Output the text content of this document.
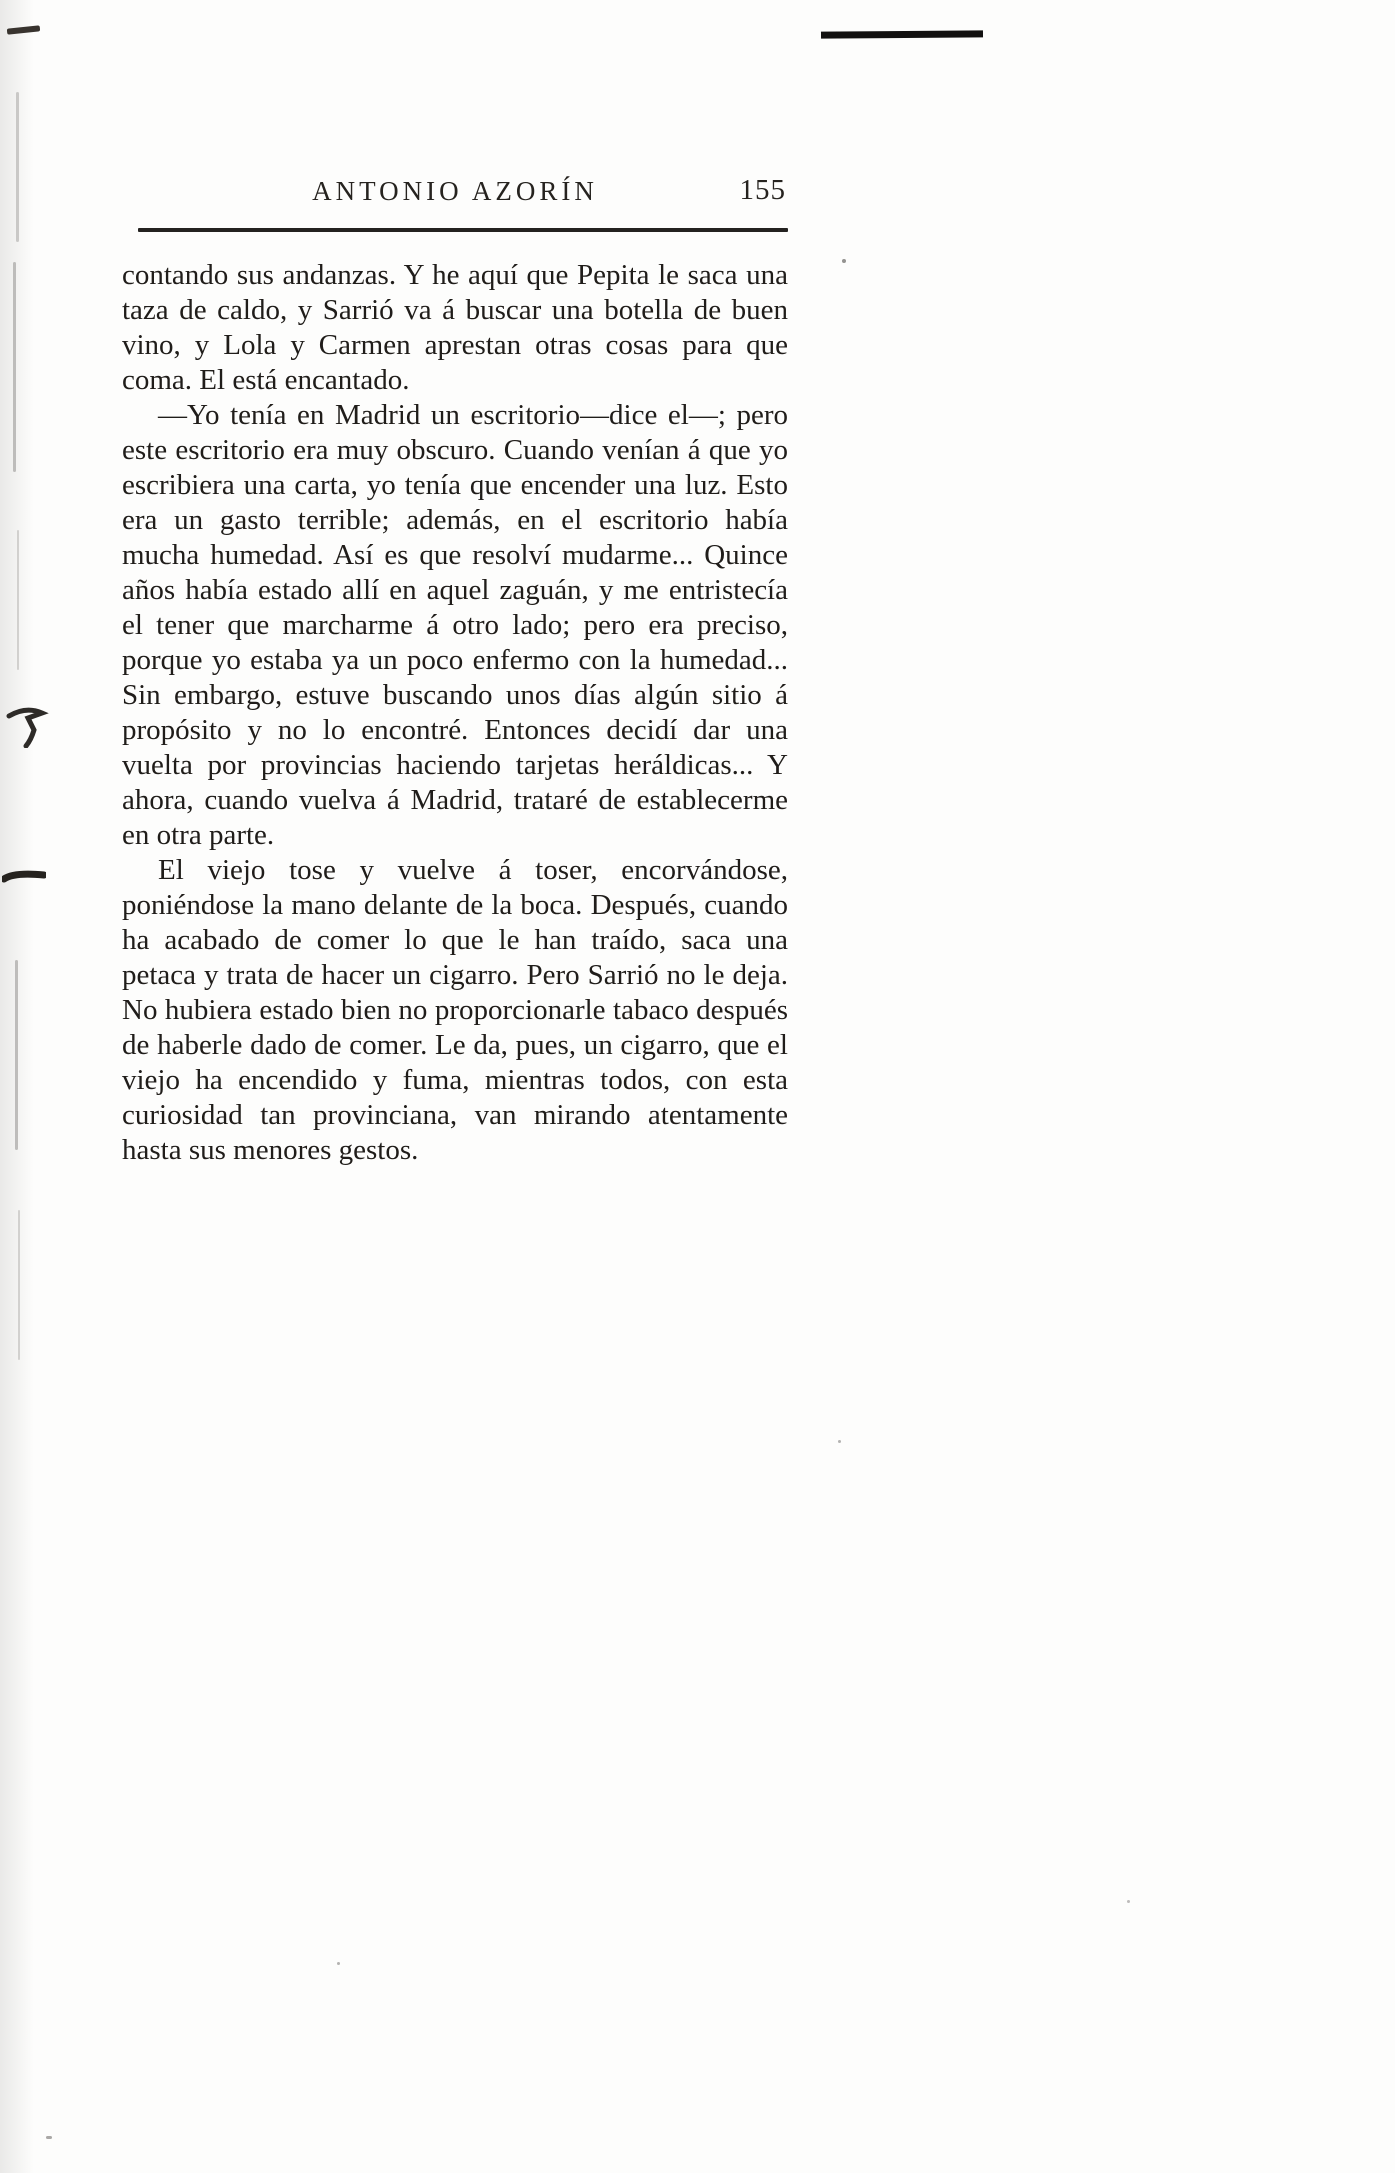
ANTONIO AZORÍN	155

contando sus andanzas. Y he aquí que Pepita le saca una taza de caldo, y Sarrió va á buscar una botella de buen vino, y Lola y Carmen aprestan otras cosas para que coma. El está encantado.

—Yo tenía en Madrid un escritorio—dice el—; pero este escritorio era muy obscuro. Cuando venían á que yo escribiera una carta, yo tenía que encender una luz. Esto era un gasto terrible; además, en el escritorio había mucha humedad. Así es que resolví mudarme... Quince años había estado allí en aquel zaguán, y me entristecía el tener que marcharme á otro lado; pero era preciso, porque yo estaba ya un poco enfermo con la humedad... Sin embargo, estuve buscando unos días algún sitio á propósito y no lo encontré. Entonces decidí dar una vuelta por provincias haciendo tarjetas heráldicas... Y ahora, cuando vuelva á Madrid, trataré de establecerme en otra parte.

El viejo tose y vuelve á toser, encorvándose, poniéndose la mano delante de la boca. Después, cuando ha acabado de comer lo que le han traído, saca una petaca y trata de hacer un cigarro. Pero Sarrió no le deja. No hubiera estado bien no proporcionarle tabaco después de haberle dado de comer. Le da, pues, un cigarro, que el viejo ha encendido y fuma, mientras todos, con esta curiosidad tan provinciana, van mirando atentamente hasta sus menores gestos.
